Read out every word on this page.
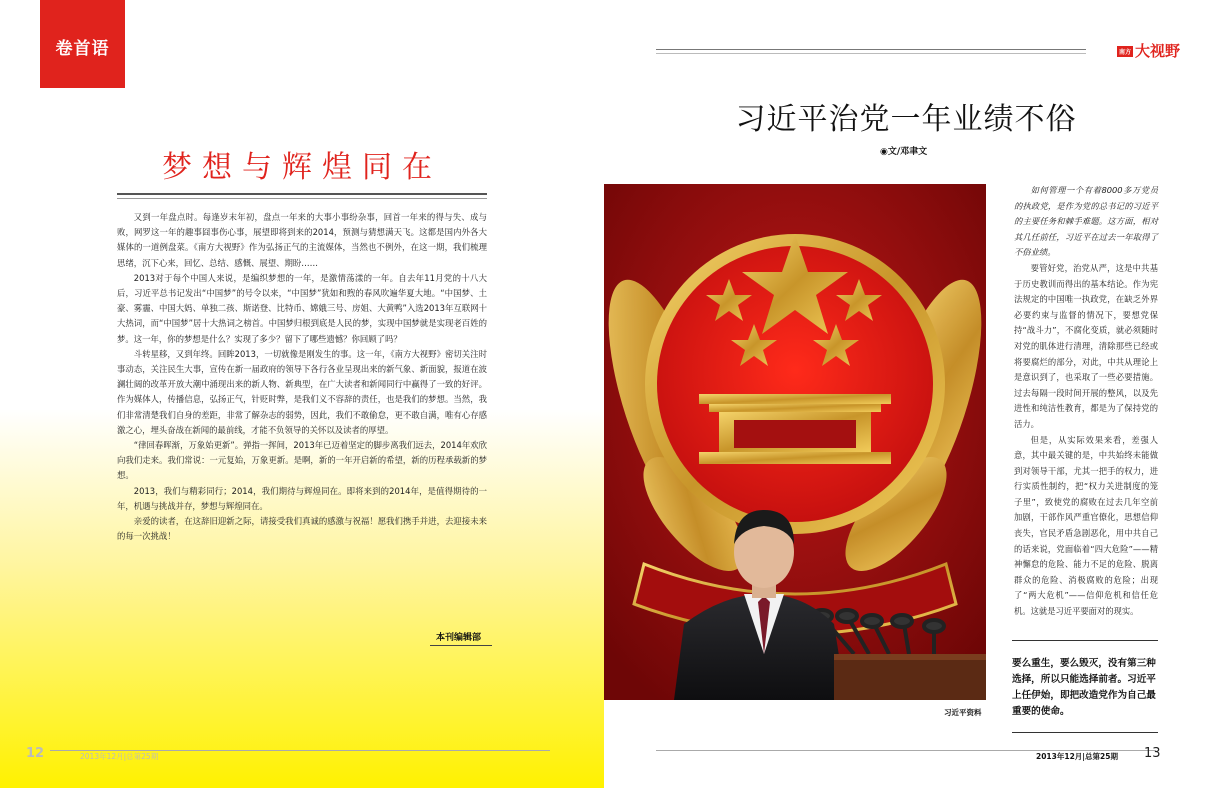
卷首语
梦想与辉煌同在

又到一年盘点时。每逢岁末年初，盘点一年来的大事小事纷杂事，回首一年来的得与失、成与败，网罗这一年的趣事囧事伤心事，展望即将到来的2014，预测与猜想满天飞。这都是国内外各大媒体的一道例盘菜。《南方大视野》作为弘扬正气的主流媒体，当然也不例外，在这一期，我们梳理思绪，沉下心来，回忆、总结、感慨、展望、期盼……

2013对于每个中国人来说，是编织梦想的一年，是激情荡漾的一年。自去年11月党的十八大后，习近平总书记发出“中国梦”的号令以来，“中国梦”犹如和煦的春风吹遍华夏大地。“中国梦、土豪、雾霾、中国大妈、单独二孩、斯诺登、比特币、嫦娥三号、房姐、大黄鸭”入选2013年互联网十大热词，而“中国梦”居十大热词之榜首。中国梦归根到底是人民的梦，实现中国梦就是实现老百姓的梦。这一年，你的梦想是什么？实现了多少？留下了哪些遗憾？你回顾了吗？

斗转星移，又到年终。回眸2013，一切就像是刚发生的事。这一年，《南方大视野》密切关注时事动态，关注民生大事，宣传在新一届政府的领导下各行各业呈现出来的新气象、新面貌，报道在波澜壮阔的改革开放大潮中涌现出来的新人物、新典型，在广大读者和新闻同行中赢得了一致的好评。作为媒体人，传播信息，弘扬正气，针贬时弊，是我们义不容辞的责任，也是我们的梦想。当然，我们非常清楚我们自身的差距，非常了解杂志的弱势，因此，我们不敢偷怠，更不敢自满，唯有心存感激之心，埋头奋战在新闻的最前线，才能不负领导的关怀以及读者的厚望。

“律回春晖渐，万象始更新”。弹指一挥间，2013年已迈着坚定的脚步离我们远去，2014年欢欣向我们走来。我们常说：一元复始，万象更新。是啊，新的一年开启新的希望，新的历程承载新的梦想。

2013，我们与精彩同行；2014，我们期待与辉煌同在。即将来到的2014年，是值得期待的一年，机遇与挑战并存，梦想与辉煌同在。

亲爱的读者，在这辞旧迎新之际，请接受我们真诚的感激与祝福！愿我们携手并进，去迎接未来的每一次挑战！

本刊编辑部
12	2013年12月|总第25期
南方 大视野
习近平治党一年业绩不俗
◉文/邓聿文
习近平资料

如何管理一个有着8000多万党员的执政党，是作为党的总书记的习近平的主要任务和棘手难题。这方面，相对其几任前任，习近平在过去一年取得了不俗业绩。

要管好党，治党从严，这是中共基于历史教训而得出的基本结论。作为宪法规定的中国唯一执政党，在缺乏外界必要约束与监督的情况下，要想党保持“战斗力”，不腐化变质，就必须随时对党的肌体进行清理，清除那些已经或将要腐烂的部分，对此，中共从理论上是意识到了，也采取了一些必要措施。过去每隔一段时间开展的整风，以及先进性和纯洁性教育，都是为了保持党的活力。

但是，从实际效果来看，差强人意，其中最关键的是，中共始终未能做到对领导干部，尤其一把手的权力，进行实质性制约，把“权力关进制度的笼子里”，致使党的腐败在过去几年空前加剧，干部作风严重官僚化，思想信仰丧失，官民矛盾急剧恶化，用中共自己的话来说，党面临着“四大危险”——精神懈怠的危险、能力不足的危险、脱离群众的危险、消极腐败的危险；出现了“两大危机”——信仰危机和信任危机。这就是习近平要面对的现实。

要么重生，要么毁灭，没有第三种选择，所以只能选择前者。习近平上任伊始，即把改造党作为自己最重要的使命。
2013年12月|总第25期 13
